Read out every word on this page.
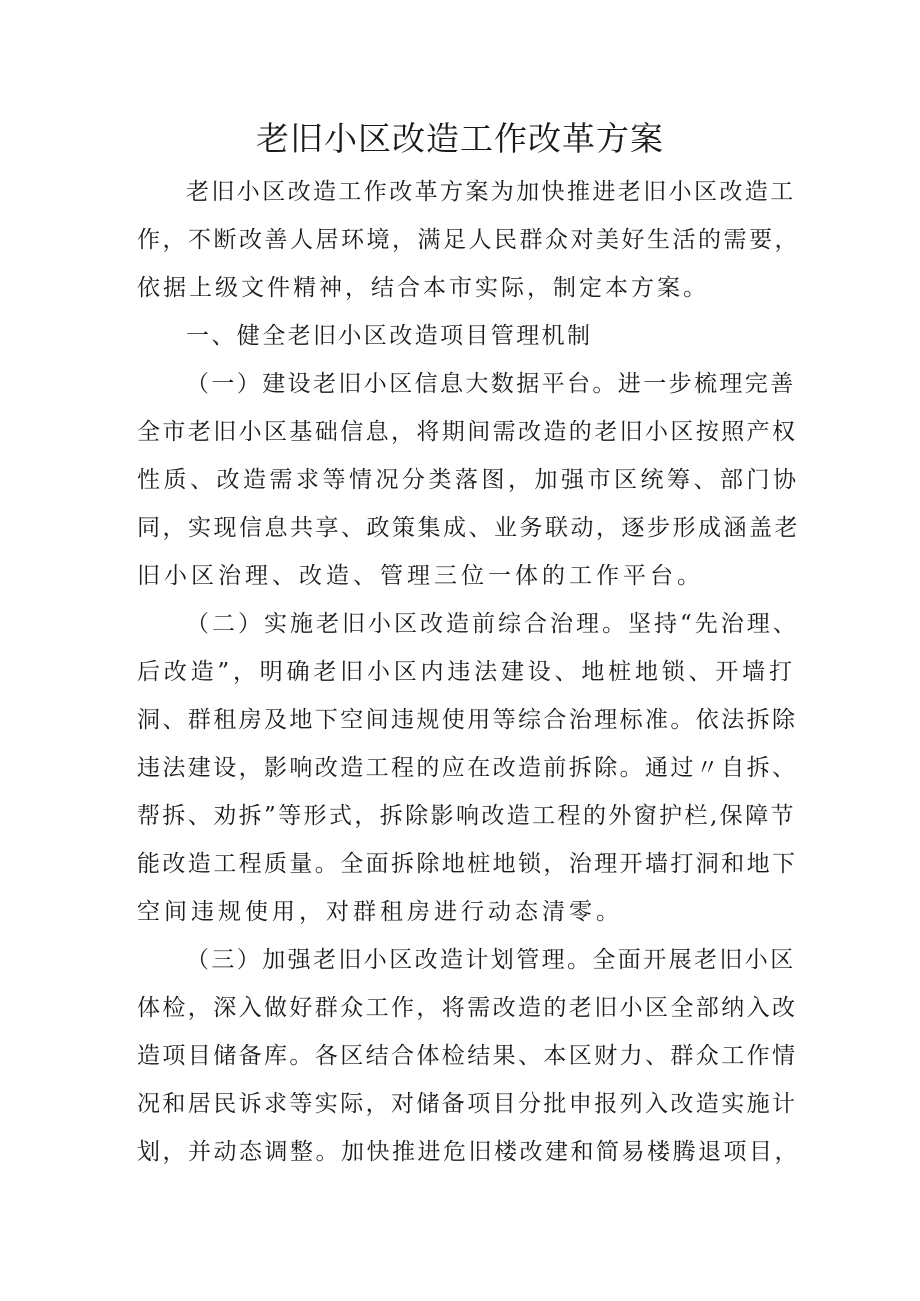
老旧小区改造工作改革方案
老旧小区改造工作改革方案为加快推进老旧小区改造工
作，不断改善人居环境，满足人民群众对美好生活的需要，
依据上级文件精神，结合本市实际，制定本方案。
一、健全老旧小区改造项目管理机制
（一）建设老旧小区信息大数据平台。进一步梳理完善
全市老旧小区基础信息，将期间需改造的老旧小区按照产权
性质、改造需求等情况分类落图，加强市区统筹、部门协
同，实现信息共享、政策集成、业务联动，逐步形成涵盖老
旧小区治理、改造、管理三位一体的工作平台。
（二）实施老旧小区改造前综合治理。坚持“先治理、
后改造”，明确老旧小区内违法建设、地桩地锁、开墙打
洞、群租房及地下空间违规使用等综合治理标准。依法拆除
违法建设，影响改造工程的应在改造前拆除。通过〃自拆、
帮拆、劝拆”等形式，拆除影响改造工程的外窗护栏,保障节
能改造工程质量。全面拆除地桩地锁，治理开墙打洞和地下
空间违规使用，对群租房进行动态清零。
（三）加强老旧小区改造计划管理。全面开展老旧小区
体检，深入做好群众工作，将需改造的老旧小区全部纳入改
造项目储备库。各区结合体检结果、本区财力、群众工作情
况和居民诉求等实际，对储备项目分批申报列入改造实施计
划，并动态调整。加快推进危旧楼改建和简易楼腾退项目，
